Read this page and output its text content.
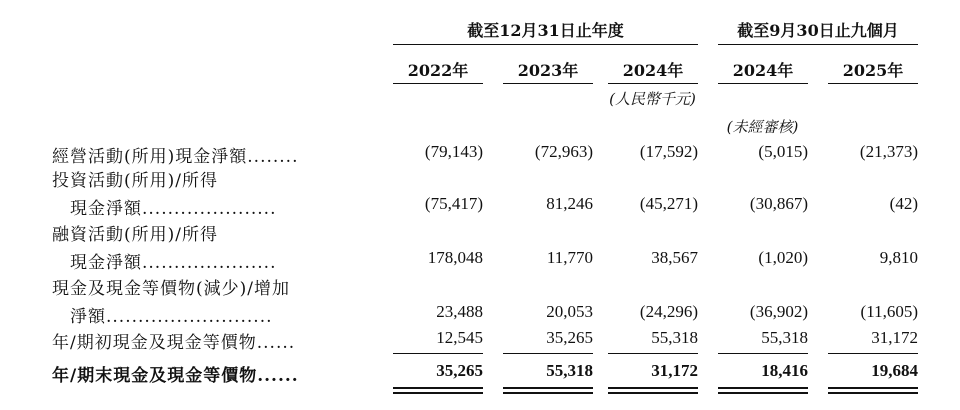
截至12月31日止年度	截至9月30日止九個月
2022年	2023年	2024年	2024年	2025年
(人民幣千元)
(未經審核)
經營活動(所用)現金淨額........	(79,143)	(72,963)	(17,592)	(5,015)	(21,373)
投資活動(所用)/所得
現金淨額.....................	(75,417)	81,246	(45,271)	(30,867)	(42)
融資活動(所用)/所得
現金淨額.....................	178,048	11,770	38,567	(1,020)	9,810
現金及現金等價物(減少)/增加
淨額..........................	23,488	20,053	(24,296)	(36,902)	(11,605)
年/期初現金及現金等價物......	12,545	35,265	55,318	55,318	31,172
年/期末現金及現金等價物......	35,265	55,318	31,172	18,416	19,684
